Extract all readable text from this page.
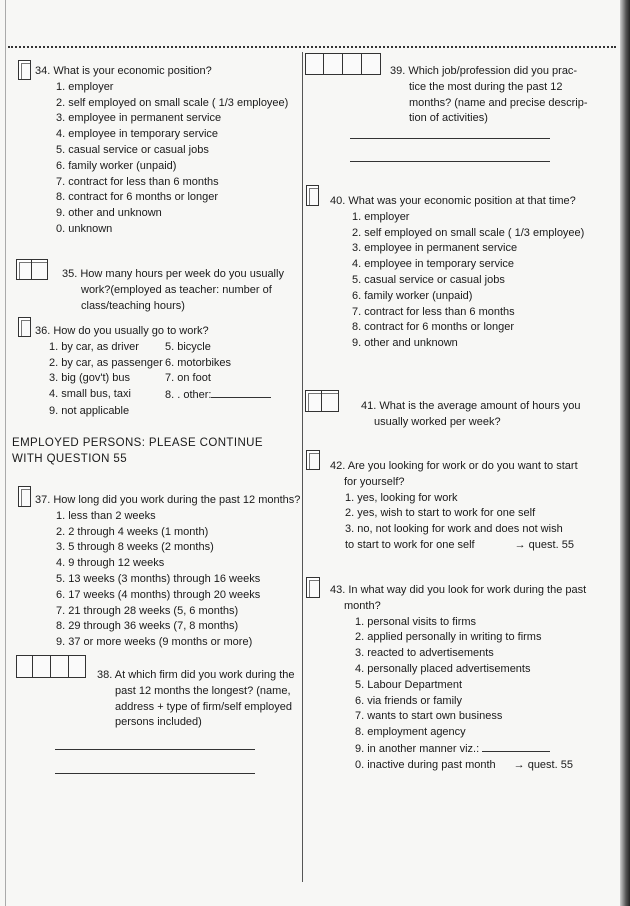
34. What is your economic position?
1. employer
2. self employed on small scale ( 1/3 employee)
3. employee in permanent service
4. employee in temporary service
5. casual service or casual jobs
6. family worker (unpaid)
7. contract for less than 6 months
8. contract for 6 months or longer
9. other and unknown
0. unknown
35. How many hours per week do you usually
work?(employed as teacher: number of
class/teaching hours)
36. How do you usually go to work?
1. by car, as driver	5. bicycle
2. by car, as passenger 6. motorbikes
3. big (gov't) bus	7. on foot
4. small bus, taxi	8. . other:
9. not applicable
EMPLOYED PERSONS: PLEASE CONTINUE WITH QUESTION 55
37. How long did you work during the past 12 months?
1. less than 2 weeks
2. 2 through 4 weeks (1 month)
3. 5 through 8 weeks (2 months)
4. 9 through 12 weeks
5. 13 weeks (3 months) through 16 weeks
6. 17 weeks (4 months) through 20 weeks
7. 21 through 28 weeks (5, 6 months)
8. 29 through 36 weeks (7, 8 months)
9. 37 or more weeks (9 months or more)
38. At which firm did you work during the
past 12 months the longest? (name,
address + type of firm/self employed
persons included)
39. Which job/profession did you prac-
tice the most during the past 12
months? (name and precise descrip-
tion of activities)
40. What was your economic position at that time?
1. employer
2. self employed on small scale ( 1/3 employee)
3. employee in permanent service
4. employee in temporary service
5. casual service or casual jobs
6. family worker (unpaid)
7. contract for less than 6 months
8. contract for 6 months or longer
9. other and unknown
41. What is the average amount of hours you
usually worked per week?
42. Are you looking for work or do you want to start
for yourself?
1. yes, looking for work
2. yes, wish to start to work for one self
3. no, not looking for work and does not wish
to start to work for one self	→ quest. 55
43. In what way did you look for work during the past
month?
1. personal visits to firms
2. applied personally in writing to firms
3. reacted to advertisements
4. personally placed advertisements
5. Labour Department
6. via friends or family
7. wants to start own business
8. employment agency
9. in another manner viz.:
0. inactive during past month → quest. 55
